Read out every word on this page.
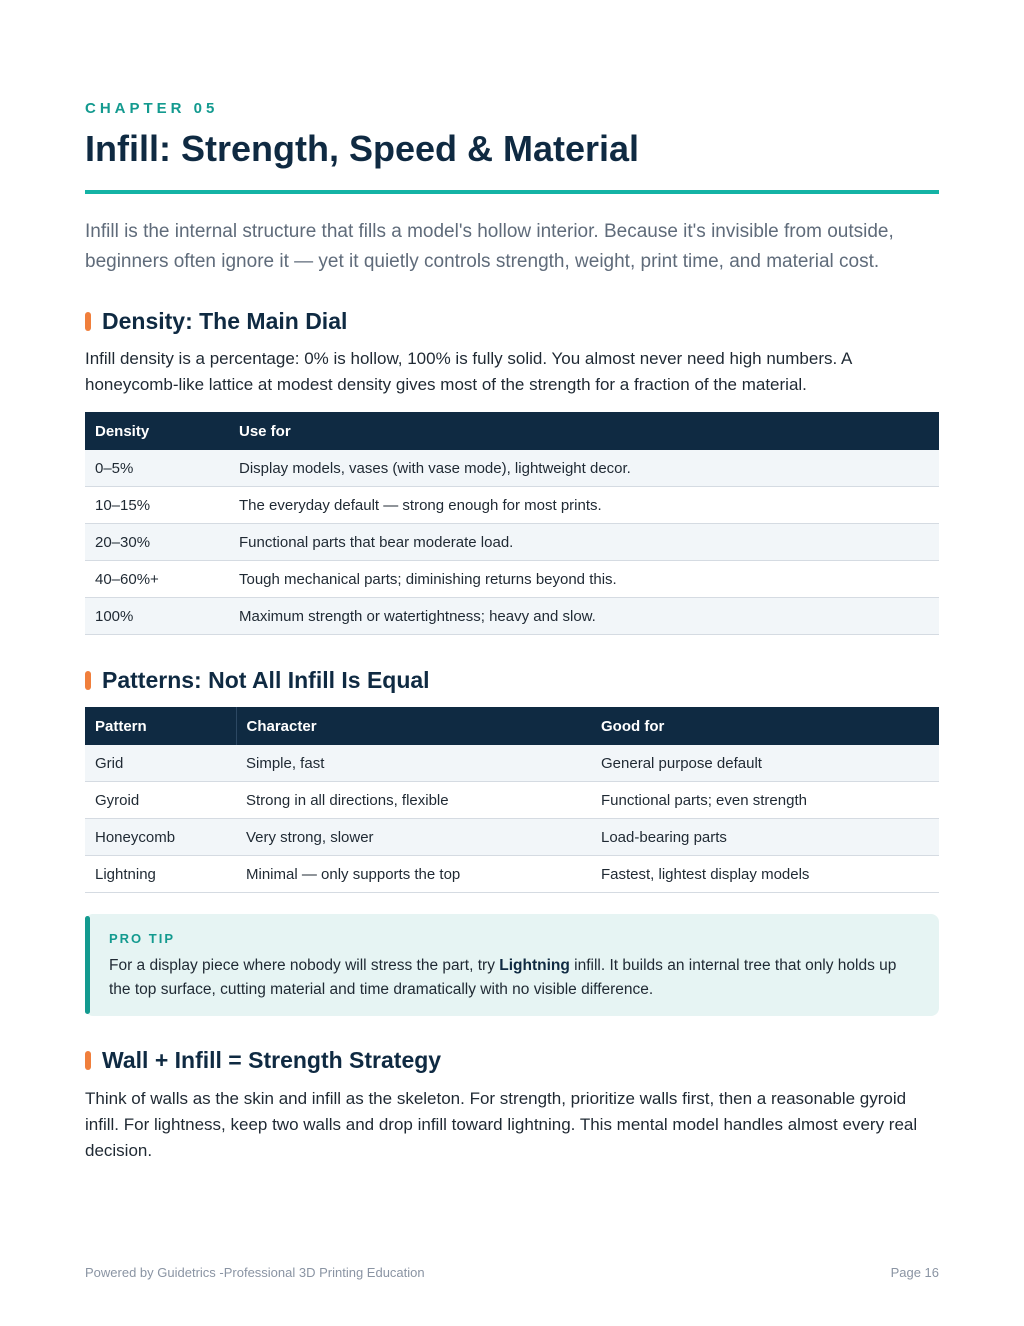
CHAPTER 05
Infill: Strength, Speed & Material

Infill is the internal structure that fills a model's hollow interior. Because it's invisible from outside, beginners often ignore it — yet it quietly controls strength, weight, print time, and material cost.

Density: The Main Dial

Infill density is a percentage: 0% is hollow, 100% is fully solid. You almost never need high numbers. A honeycomb-like lattice at modest density gives most of the strength for a fraction of the material.

Density	Use for
0–5%	Display models, vases (with vase mode), lightweight decor.
10–15%	The everyday default — strong enough for most prints.
20–30%	Functional parts that bear moderate load.
40–60%+	Tough mechanical parts; diminishing returns beyond this.
100%	Maximum strength or watertightness; heavy and slow.
Patterns: Not All Infill Is Equal
Pattern	Character	Good for
Grid	Simple, fast	General purpose default
Gyroid	Strong in all directions, flexible	Functional parts; even strength
Honeycomb	Very strong, slower	Load-bearing parts
Lightning	Minimal — only supports the top	Fastest, lightest display models
PRO TIP

For a display piece where nobody will stress the part, try Lightning infill. It builds an internal tree that only holds up the top surface, cutting material and time dramatically with no visible difference.

Wall + Infill = Strength Strategy

Think of walls as the skin and infill as the skeleton. For strength, prioritize walls first, then a reasonable gyroid infill. For lightness, keep two walls and drop infill toward lightning. This mental model handles almost every real decision.

Powered by Guidetrics -Professional 3D Printing Education	Page 16
